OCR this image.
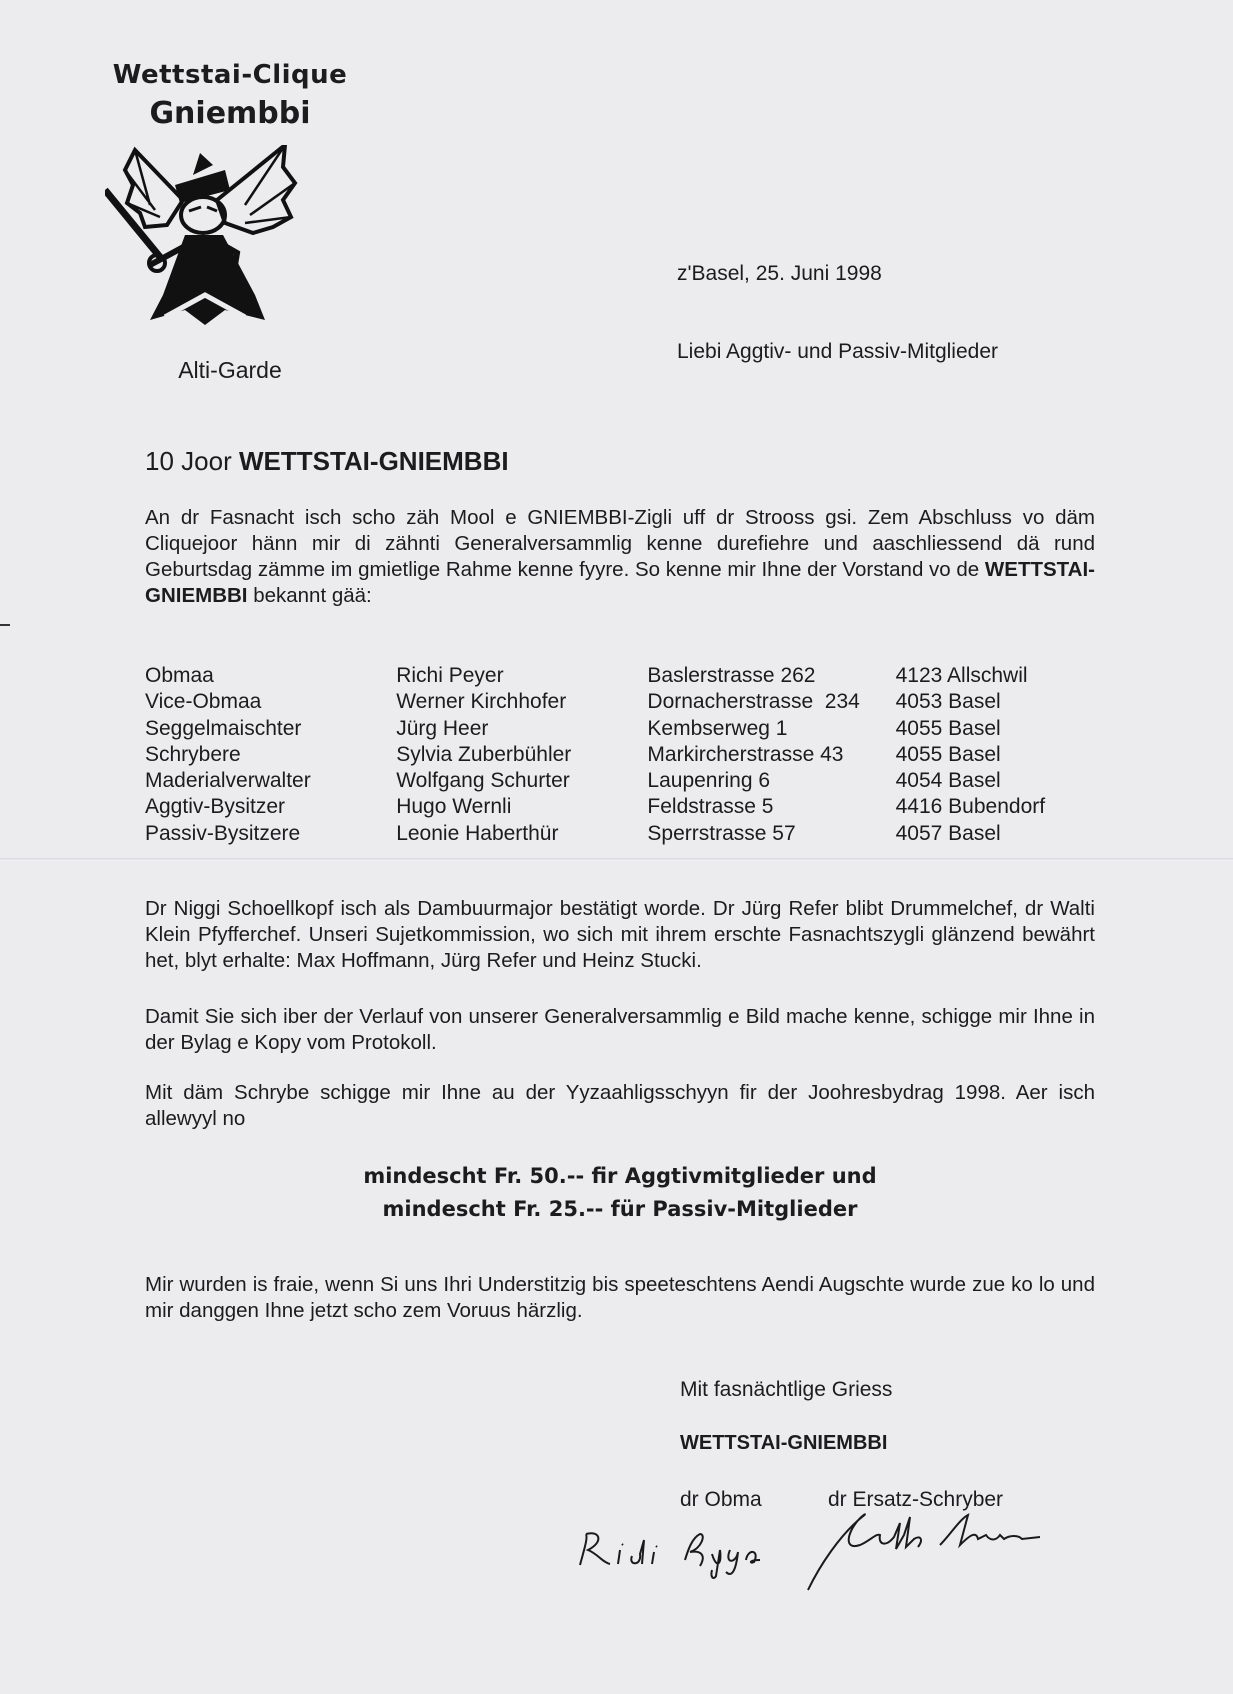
Wettstai-Clique
Gniembbi
Alti-Garde
z'Basel, 25. Juni 1998
Liebi Aggtiv- und Passiv-Mitglieder
10 Joor WETTSTAI-GNIEMBBI
An dr Fasnacht isch scho zäh Mool e GNIEMBBI-Zigli uff dr Strooss gsi. Zem Abschluss vo däm Cliquejoor hänn mir di zähnti Generalversammlig kenne durefiehre und aaschliessend dä rund Geburtsdag zämme im gmietlige Rahme kenne fyyre. So kenne mir Ihne der Vorstand vo de WETTSTAI-GNIEMBBI bekannt gää:
Obmaa	Richi Peyer	Baslerstrasse 262	4123 Allschwil
Vice-Obmaa	Werner Kirchhofer	Dornacherstrasse  234	4053 Basel
Seggelmaischter	Jürg Heer	Kembserweg 1	4055 Basel
Schrybere	Sylvia Zuberbühler	Markircherstrasse 43	4055 Basel
Maderialverwalter	Wolfgang Schurter	Laupenring 6	4054 Basel
Aggtiv-Bysitzer	Hugo Wernli	Feldstrasse 5	4416 Bubendorf
Passiv-Bysitzere	Leonie Haberthür	Sperrstrasse 57	4057 Basel
Dr Niggi Schoellkopf isch als Dambuurmajor bestätigt worde. Dr Jürg Refer blibt Drummelchef, dr Walti Klein Pfyfferchef. Unseri Sujetkommission, wo sich mit ihrem erschte Fasnachtszygli glänzend bewährt het, blyt erhalte: Max Hoffmann, Jürg Refer und Heinz Stucki.
Damit Sie sich iber der Verlauf von unserer Generalversammlig e Bild mache kenne, schigge mir Ihne in der Bylag e Kopy vom Protokoll.
Mit däm Schrybe schigge mir Ihne au der Yyzaahligsschyyn fir der Joohresbydrag 1998. Aer isch allewyyl no
mindescht Fr. 50.-- fir Aggtivmitglieder und
mindescht Fr. 25.-- für Passiv-Mitglieder
Mir wurden is fraie, wenn Si uns Ihri Understitzig bis speeteschtens Aendi Augschte wurde zue ko lo und mir danggen Ihne jetzt scho zem Voruus härzlig.
Mit fasnächtlige Griess
WETTSTAI-GNIEMBBI
dr Obma	dr Ersatz-Schryber
